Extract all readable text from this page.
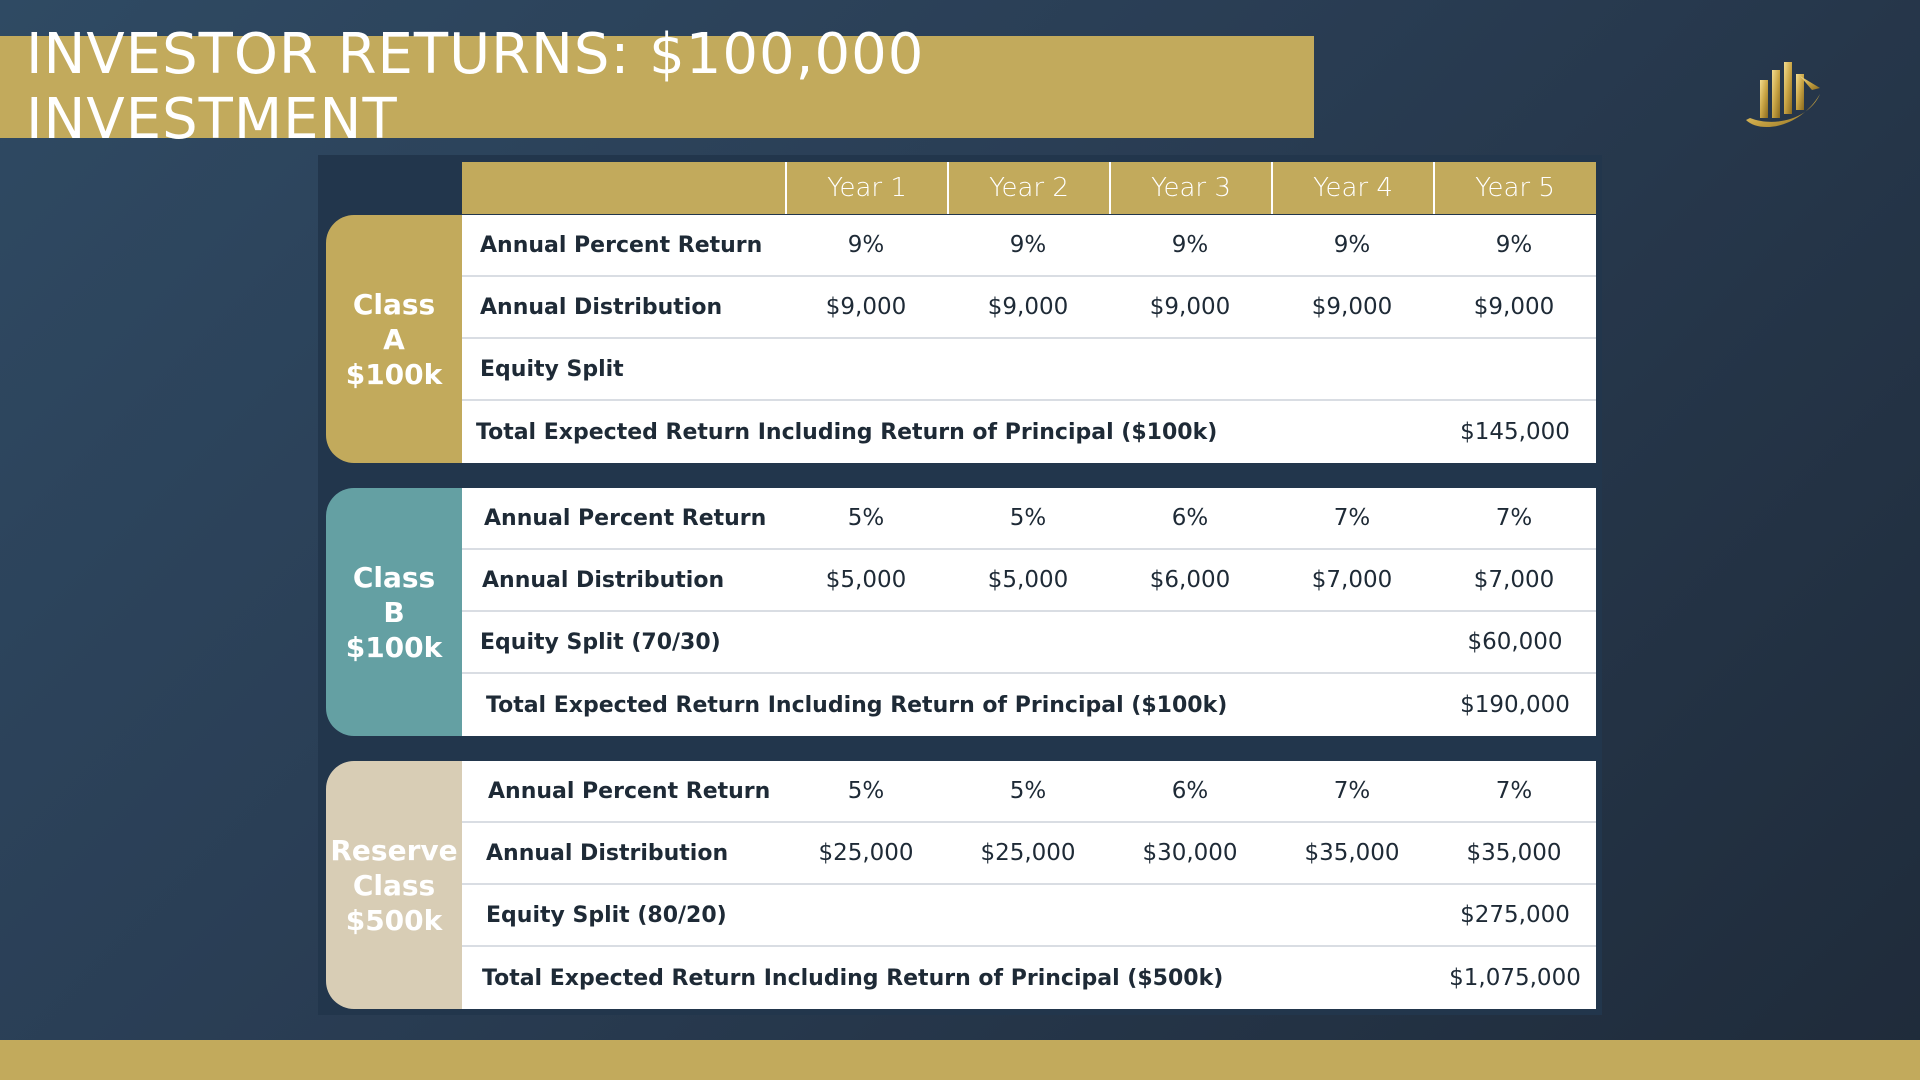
INVESTOR RETURNS: $100,000 INVESTMENT
Year 1	Year 2	Year 3	Year 4	Year 5
Class
A
$100k
Annual Percent Return	9%	9%	9%	9%	9%
Annual Distribution	$9,000	$9,000	$9,000	$9,000	$9,000
Equity Split
Total Expected Return Including Return of Principal ($100k)	$145,000
Class
B
$100k
Annual Percent Return	5%	5%	6%	7%	7%
Annual Distribution	$5,000	$5,000	$6,000	$7,000	$7,000
Equity Split (70/30)	$60,000
Total Expected Return Including Return of Principal ($100k)	$190,000
Reserve
Class
$500k
Annual Percent Return	5%	5%	6%	7%	7%
Annual Distribution	$25,000	$25,000	$30,000	$35,000	$35,000
Equity Split (80/20)	$275,000
Total Expected Return Including Return of Principal ($500k)	$1,075,000
